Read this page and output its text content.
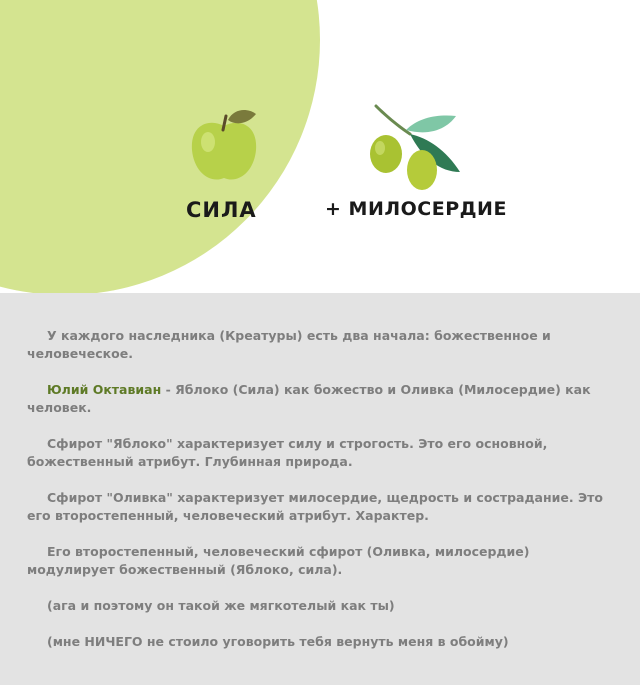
СИЛА	+ МИЛОСЕРДИЕ

У каждого наследника (Креатуры) есть два начала: божественное и человеческое.

Юлий Октавиан - Яблоко (Сила) как божество и Оливка (Милосердие) как человек.

Сфирот "Яблоко" характеризует силу и строгость. Это его основной, божественный атрибут. Глубинная природа.

Сфирот "Оливка" характеризует милосердие, щедрость и сострадание. Это его второстепенный, человеческий атрибут. Характер.

Его второстепенный, человеческий сфирот (Оливка, милосердие) модулирует божественный (Яблоко, сила).

(ага и поэтому он такой же мягкотелый как ты)

(мне НИЧЕГО не стоило уговорить тебя вернуть меня в обойму)
